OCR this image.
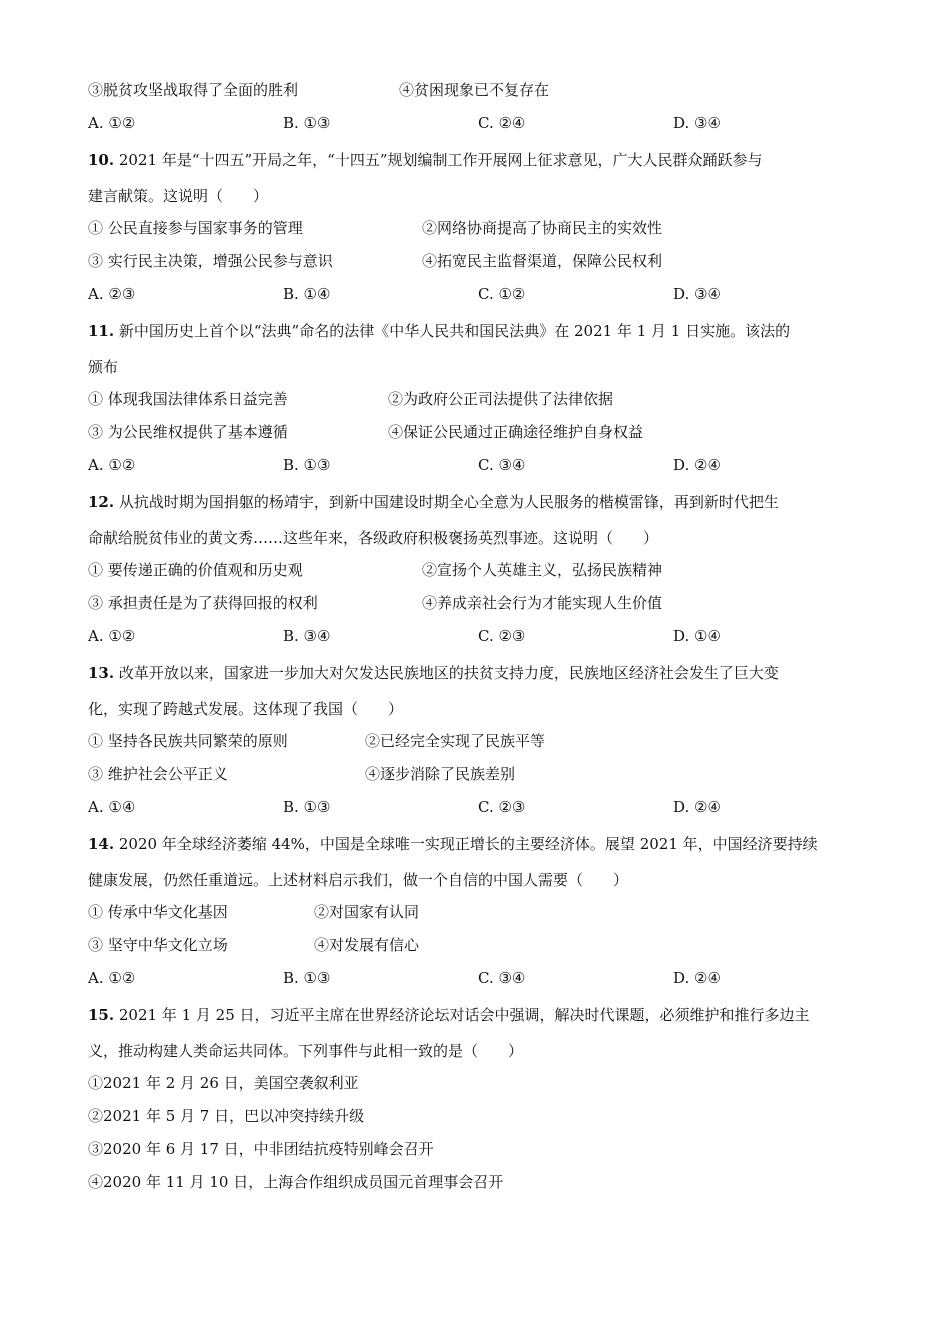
③脱贫攻坚战取得了全面的胜利	④贫困现象已不复存在
A. ①②	B. ①③	C. ②④	D. ③④
10. 2021 年是“十四五”开局之年，“十四五”规划编制工作开展网上征求意见，广大人民群众踊跃参与
建言献策。这说明（　　）
① 公民直接参与国家事务的管理	②网络协商提高了协商民主的实效性
③ 实行民主决策，增强公民参与意识	④拓宽民主监督渠道，保障公民权利
A. ②③	B. ①④	C. ①②	D. ③④
11. 新中国历史上首个以“法典”命名的法律《中华人民共和国民法典》在 2021 年 1 月 1 日实施。该法的
颁布
① 体现我国法律体系日益完善	②为政府公正司法提供了法律依据
③ 为公民维权提供了基本遵循	④保证公民通过正确途径维护自身权益
A. ①②	B. ①③	C. ③④	D. ②④
12. 从抗战时期为国捐躯的杨靖宇，到新中国建设时期全心全意为人民服务的楷模雷锋，再到新时代把生
命献给脱贫伟业的黄文秀……这些年来，各级政府积极褒扬英烈事迹。这说明（　　）
① 要传递正确的价值观和历史观	②宣扬个人英雄主义，弘扬民族精神
③ 承担责任是为了获得回报的权利	④养成亲社会行为才能实现人生价值
A. ①②	B. ③④	C. ②③	D. ①④
13. 改革开放以来，国家进一步加大对欠发达民族地区的扶贫支持力度，民族地区经济社会发生了巨大变
化，实现了跨越式发展。这体现了我国（　　）
① 坚持各民族共同繁荣的原则	②已经完全实现了民族平等
③ 维护社会公平正义	④逐步消除了民族差别
A. ①④	B. ①③	C. ②③	D. ②④
14. 2020 年全球经济萎缩 44%，中国是全球唯一实现正增长的主要经济体。展望 2021 年，中国经济要持续
健康发展，仍然任重道远。上述材料启示我们，做一个自信的中国人需要（　　）
① 传承中华文化基因	②对国家有认同
③ 坚守中华文化立场	④对发展有信心
A. ①②	B. ①③	C. ③④	D. ②④
15. 2021 年 1 月 25 日，习近平主席在世界经济论坛对话会中强调，解决时代课题，必须维护和推行多边主
义，推动构建人类命运共同体。下列事件与此相一致的是（　　）
①2021 年 2 月 26 日，美国空袭叙利亚
②2021 年 5 月 7 日，巴以冲突持续升级
③2020 年 6 月 17 日，中非团结抗疫特别峰会召开
④2020 年 11 月 10 日，上海合作组织成员国元首理事会召开
